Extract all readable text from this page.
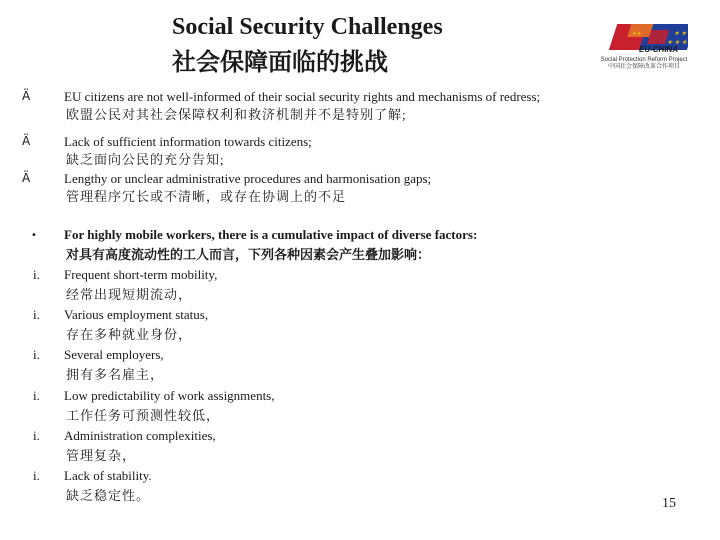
Social Security Challenges
社会保障面临的挑战
★ ★
★ ★ ★
★★
EU-CHINA
Social Protection Reform Project
中国社会保障改革合作项目
Ä	EU citizens are not well-informed of their social security rights and mechanisms of redress;
欧盟公民对其社会保障权利和救济机制并不是特别了解;
Ä	Lack of sufficient information towards citizens;
缺乏面向公民的充分告知;
Ä	Lengthy or unclear administrative procedures and harmonisation gaps;
管理程序冗长或不清晰，或存在协调上的不足
•	For highly mobile workers, there is a cumulative impact of diverse factors:
对具有高度流动性的工人而言，下列各种因素会产生叠加影响：
i.	Frequent short-term mobility,
经常出现短期流动，
i.	Various employment status,
存在多种就业身份，
i.	Several employers,
拥有多名雇主，
i.	Low predictability of work assignments,
工作任务可预测性较低，
i.	Administration complexities,
管理复杂，
i.	Lack of stability.
缺乏稳定性。
15
